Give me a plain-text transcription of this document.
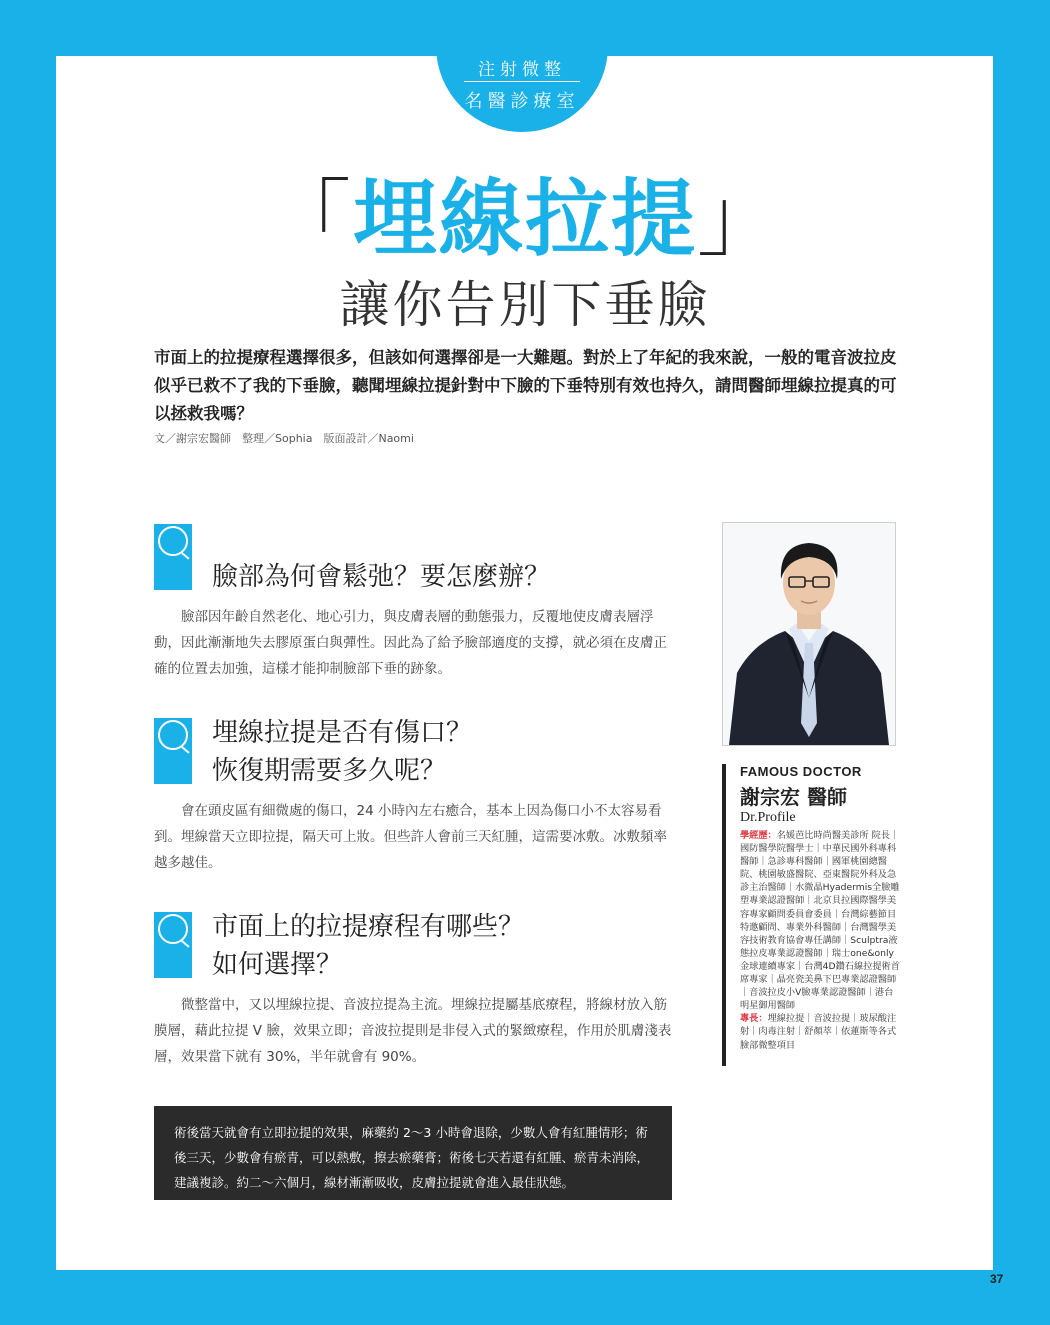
注射微整
名醫診療室
「埋線拉提」
讓你告別下垂臉
市面上的拉提療程選擇很多，但該如何選擇卻是一大難題。對於上了年紀的我來說，一般的電音波拉皮似乎已救不了我的下垂臉，聽聞埋線拉提針對中下臉的下垂特別有效也持久，請問醫師埋線拉提真的可以拯救我嗎？
文／謝宗宏醫師　整理／Sophia　版面設計／Naomi
臉部為何會鬆弛？要怎麼辦？
臉部因年齡自然老化、地心引力，與皮膚表層的動態張力，反覆地使皮膚表層浮動，因此漸漸地失去膠原蛋白與彈性。因此為了給予臉部適度的支撐，就必須在皮膚正確的位置去加強，這樣才能抑制臉部下垂的跡象。
埋線拉提是否有傷口？
恢復期需要多久呢？
會在頭皮區有細微處的傷口，24 小時內左右癒合，基本上因為傷口小不太容易看到。埋線當天立即拉提，隔天可上妝。但些許人會前三天紅腫，這需要冰敷。冰敷頻率越多越佳。
市面上的拉提療程有哪些？
如何選擇？
微整當中，又以埋線拉提、音波拉提為主流。埋線拉提屬基底療程，將線材放入筋膜層，藉此拉提 V 臉，效果立即；音波拉提則是非侵入式的緊緻療程，作用於肌膚淺表層，效果當下就有 30%，半年就會有 90%。
術後當天就會有立即拉提的效果，麻藥約 2～3 小時會退除，少數人會有紅腫情形；術後三天，少數會有瘀青，可以熱敷，擦去瘀藥膏；術後七天若還有紅腫、瘀青未消除，建議複診。約二～六個月，線材漸漸吸收，皮膚拉提就會進入最佳狀態。
FAMOUS DOCTOR
謝宗宏 醫師
Dr.Profile
學經歷：名媛芭比時尚醫美診所 院長｜國防醫學院醫學士｜中華民國外科專科醫師｜急診專科醫師｜國軍桃園總醫院、桃園敏盛醫院、亞東醫院外科及急診主治醫師｜水微晶Hyadermis全臉雕塑專業認證醫師｜北京貝拉國際醫學美容專家顧問委員會委員｜台灣綜藝節目特邀顧問、專業外科醫師｜台灣醫學美容技術教育協會專任講師｜Sculptra液態拉皮專業認證醫師｜瑞士one&only金球連續專家｜台灣4D鑽石線拉提術首席專家｜晶亮瓷美鼻下巴專業認證醫師｜音波拉皮小V臉專業認證醫師｜港台明星御用醫師
專長：埋線拉提｜音波拉提｜玻尿酸注射｜肉毒注射｜舒顏萃｜依蓮斯等各式臉部微整項目
37
